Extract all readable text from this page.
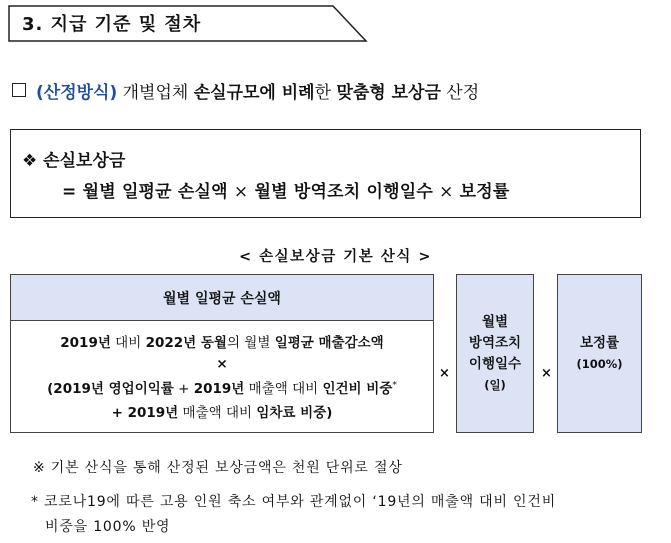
3. 지급 기준 및 절차
(산정방식) 개별업체 손실규모에 비례한 맞춤형 보상금 산정
❖ 손실보상금
= 월별 일평균 손실액 × 월별 방역조치 이행일수 × 보정률
< 손실보상금 기본 산식 >
월별 일평균 손실액
2019년 대비 2022년 동월의 월별 일평균 매출감소액
×
(2019년 영업이익률 + 2019년 매출액 대비 인건비 비중*
+ 2019년 매출액 대비 임차료 비중)
×	×
월별
방역조치
이행일수
(일)
보정률
(100%)
※ 기본 산식을 통해 산정된 보상금액은 천원 단위로 절상
* 코로나19에 따른 고용 인원 축소 여부와 관계없이 ‘19년의 매출액 대비 인건비
비중을 100% 반영
